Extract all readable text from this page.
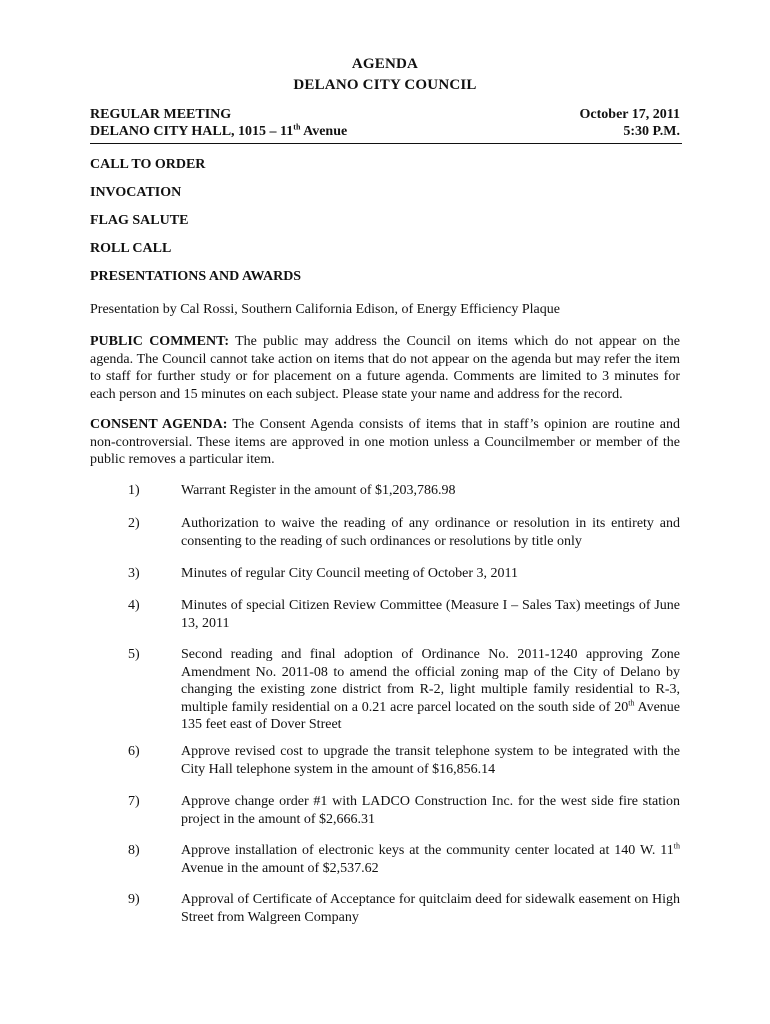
AGENDA
DELANO CITY COUNCIL
REGULAR MEETING	October 17, 2011
DELANO CITY HALL, 1015 – 11th Avenue	5:30 P.M.
CALL TO ORDER
INVOCATION
FLAG SALUTE
ROLL CALL
PRESENTATIONS AND AWARDS
Presentation by Cal Rossi, Southern California Edison, of Energy Efficiency Plaque
PUBLIC COMMENT: The public may address the Council on items which do not appear on the agenda. The Council cannot take action on items that do not appear on the agenda but may refer the item to staff for further study or for placement on a future agenda. Comments are limited to 3 minutes for each person and 15 minutes on each subject. Please state your name and address for the record.
CONSENT AGENDA: The Consent Agenda consists of items that in staff’s opinion are routine and non-controversial. These items are approved in one motion unless a Councilmember or member of the public removes a particular item.
1)	Warrant Register in the amount of $1,203,786.98
2)	Authorization to waive the reading of any ordinance or resolution in its entirety and consenting to the reading of such ordinances or resolutions by title only
3)	Minutes of regular City Council meeting of October 3, 2011
4)	Minutes of special Citizen Review Committee (Measure I – Sales Tax) meetings of June 13, 2011
5)	Second reading and final adoption of Ordinance No. 2011-1240 approving Zone Amendment No. 2011-08 to amend the official zoning map of the City of Delano by changing the existing zone district from R-2, light multiple family residential to R-3, multiple family residential on a 0.21 acre parcel located on the south side of 20th Avenue 135 feet east of Dover Street
6)	Approve revised cost to upgrade the transit telephone system to be integrated with the City Hall telephone system in the amount of $16,856.14
7)	Approve change order #1 with LADCO Construction Inc. for the west side fire station project in the amount of $2,666.31
8)	Approve installation of electronic keys at the community center located at 140 W. 11th Avenue in the amount of $2,537.62
9)	Approval of Certificate of Acceptance for quitclaim deed for sidewalk easement on High Street from Walgreen Company
